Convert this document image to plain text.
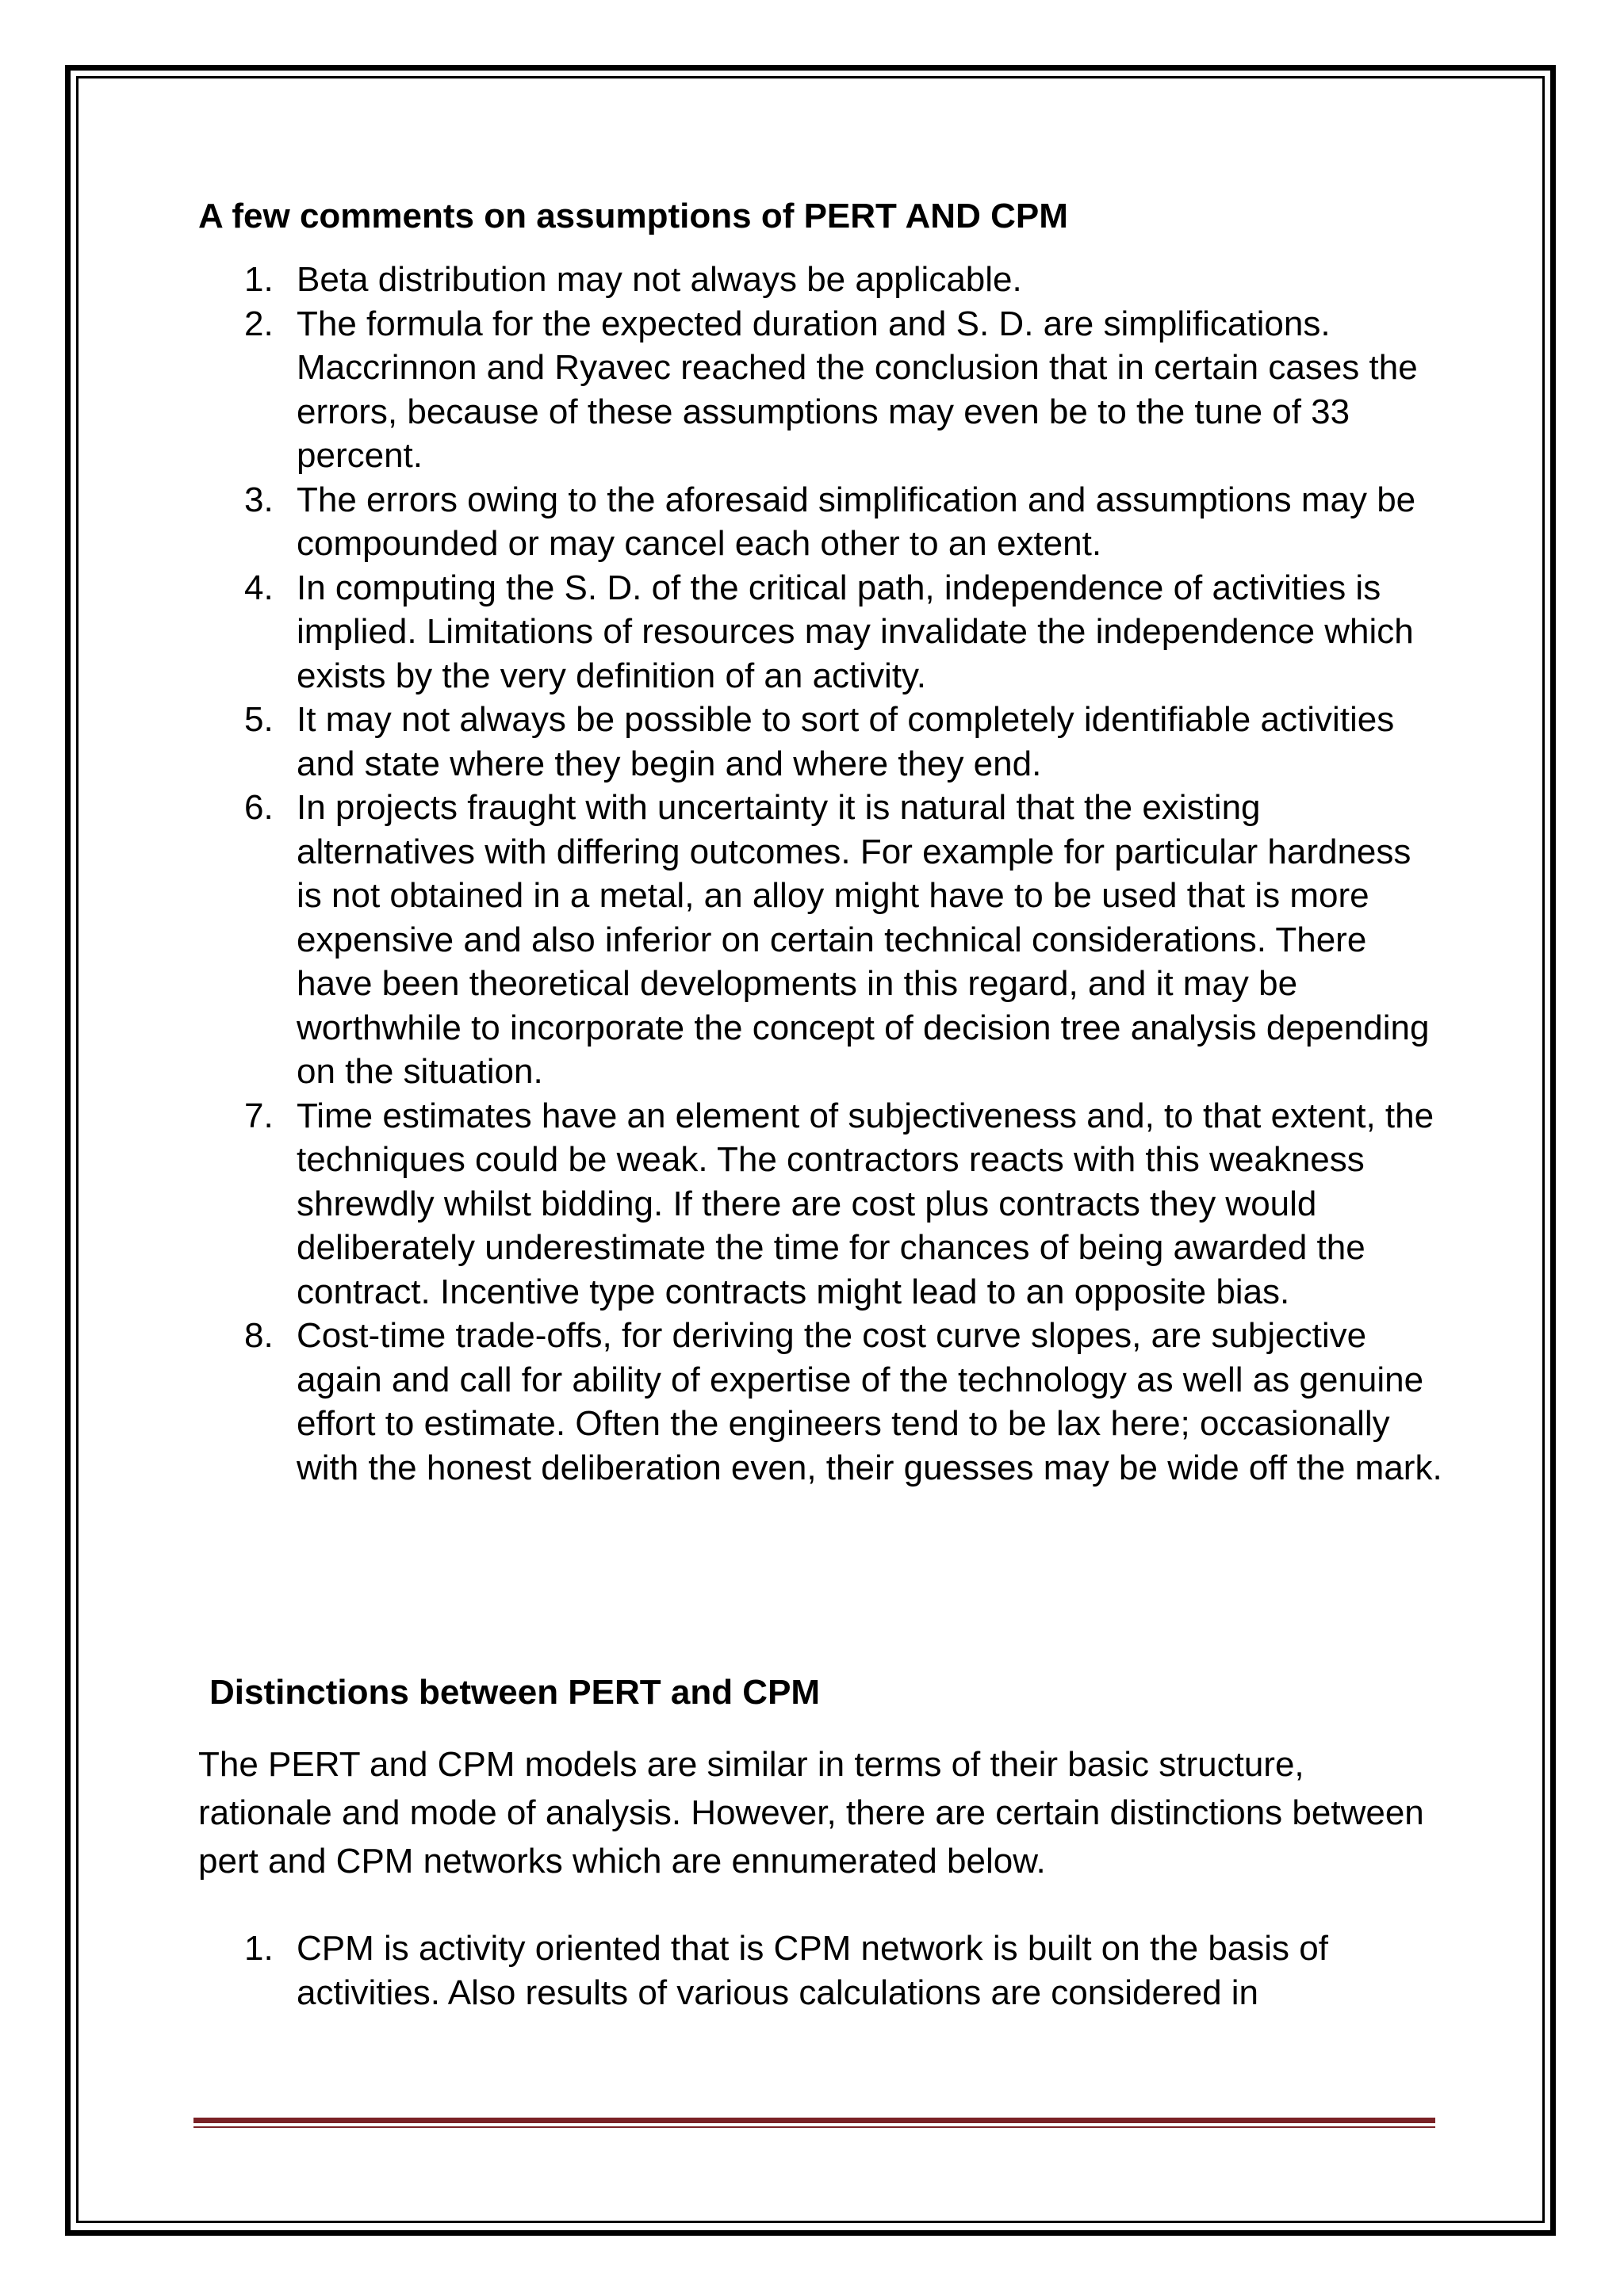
A few comments on assumptions of PERT AND CPM
1. Beta distribution may not always be applicable.
2. The formula for the expected duration and S. D. are simplifications. Maccrinnon and Ryavec reached the conclusion that in certain cases the errors, because of these assumptions may even be to the tune of 33 percent.
3. The errors owing to the aforesaid simplification and assumptions may be compounded or may cancel each other to an extent.
4. In computing the S. D. of the critical path, independence of activities is implied. Limitations of resources may invalidate the independence which exists by the very definition of an activity.
5. It may not always be possible to sort of completely identifiable activities and state where they begin and where they end.
6. In projects fraught with uncertainty it is natural that the existing alternatives with differing outcomes. For example for particular hardness is not obtained in a metal, an alloy might have to be used that is more expensive and also inferior on certain technical considerations. There have been theoretical developments in this regard, and it may be worthwhile to incorporate the concept of decision tree analysis depending on the situation.
7. Time estimates have an element of subjectiveness and, to that extent, the techniques could be weak. The contractors reacts with this weakness shrewdly whilst bidding. If there are cost plus contracts they would deliberately underestimate the time for chances of being awarded the contract. Incentive type contracts might lead to an opposite bias.
8. Cost-time trade-offs, for deriving the cost curve slopes, are subjective again and call for ability of expertise of the technology as well as genuine effort to estimate. Often the engineers tend to be lax here; occasionally with the honest deliberation even, their guesses may be wide off the mark.
Distinctions between PERT and CPM

The PERT and CPM models are similar in terms of their basic structure, rationale and mode of analysis. However, there are certain distinctions between pert and CPM networks which are ennumerated below.

1. CPM is activity oriented that is CPM network is built on the basis of activities. Also results of various calculations are considered in
